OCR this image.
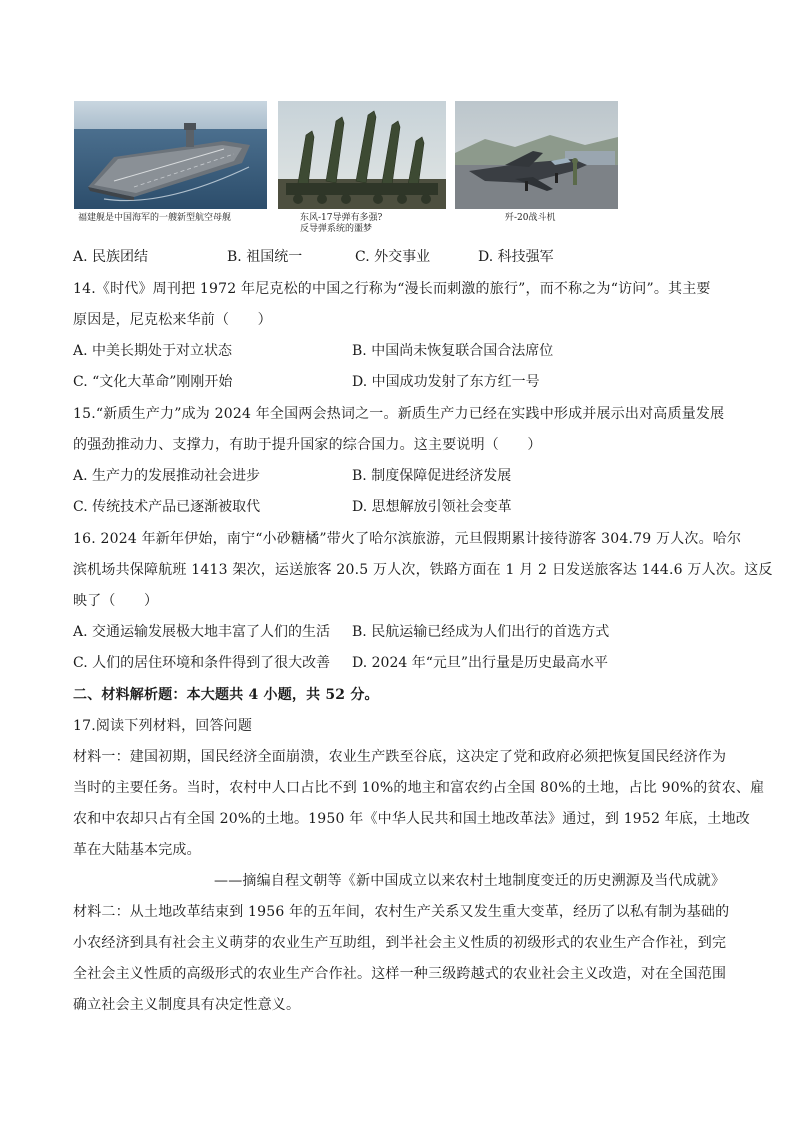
福建舰是中国海军的一艘新型航空母舰	东风-17导弹有多强?
反导弹系统的噩梦
歼-20战斗机
A. 民族团结	B. 祖国统一	C. 外交事业	D. 科技强军
14.《时代》周刊把 1972 年尼克松的中国之行称为“漫长而刺激的旅行”，而不称之为“访问”。其主要
原因是，尼克松来华前（　　）
A. 中美长期处于对立状态	B. 中国尚未恢复联合国合法席位
C. “文化大革命”刚刚开始	D. 中国成功发射了东方红一号
15.“新质生产力”成为 2024 年全国两会热词之一。新质生产力已经在实践中形成并展示出对高质量发展
的强劲推动力、支撑力，有助于提升国家的综合国力。这主要说明（　　）
A. 生产力的发展推动社会进步	B. 制度保障促进经济发展
C. 传统技术产品已逐渐被取代	D. 思想解放引领社会变革
16. 2024 年新年伊始，南宁“小砂糖橘”带火了哈尔滨旅游，元旦假期累计接待游客 304.79 万人次。哈尔
滨机场共保障航班 1413 架次，运送旅客 20.5 万人次，铁路方面在 1 月 2 日发送旅客达 144.6 万人次。这反
映了（　　）
A. 交通运输发展极大地丰富了人们的生活 B. 民航运输已经成为人们出行的首选方式
C. 人们的居住环境和条件得到了很大改善 D. 2024 年“元旦”出行量是历史最高水平
二、材料解析题：本大题共 4 小题，共 52 分。
17.阅读下列材料，回答问题
材料一：建国初期，国民经济全面崩溃，农业生产跌至谷底，这决定了党和政府必须把恢复国民经济作为
当时的主要任务。当时，农村中人口占比不到 10%的地主和富农约占全国 80%的土地，占比 90%的贫农、雇
农和中农却只占有全国 20%的土地。1950 年《中华人民共和国土地改革法》通过，到 1952 年底，土地改
革在大陆基本完成。
——摘编自程文朝等《新中国成立以来农村土地制度变迁的历史溯源及当代成就》
材料二：从土地改革结束到 1956 年的五年间，农村生产关系又发生重大变革，经历了以私有制为基础的
小农经济到具有社会主义萌芽的农业生产互助组，到半社会主义性质的初级形式的农业生产合作社，到完
全社会主义性质的高级形式的农业生产合作社。这样一种三级跨越式的农业社会主义改造，对在全国范围
确立社会主义制度具有决定性意义。
